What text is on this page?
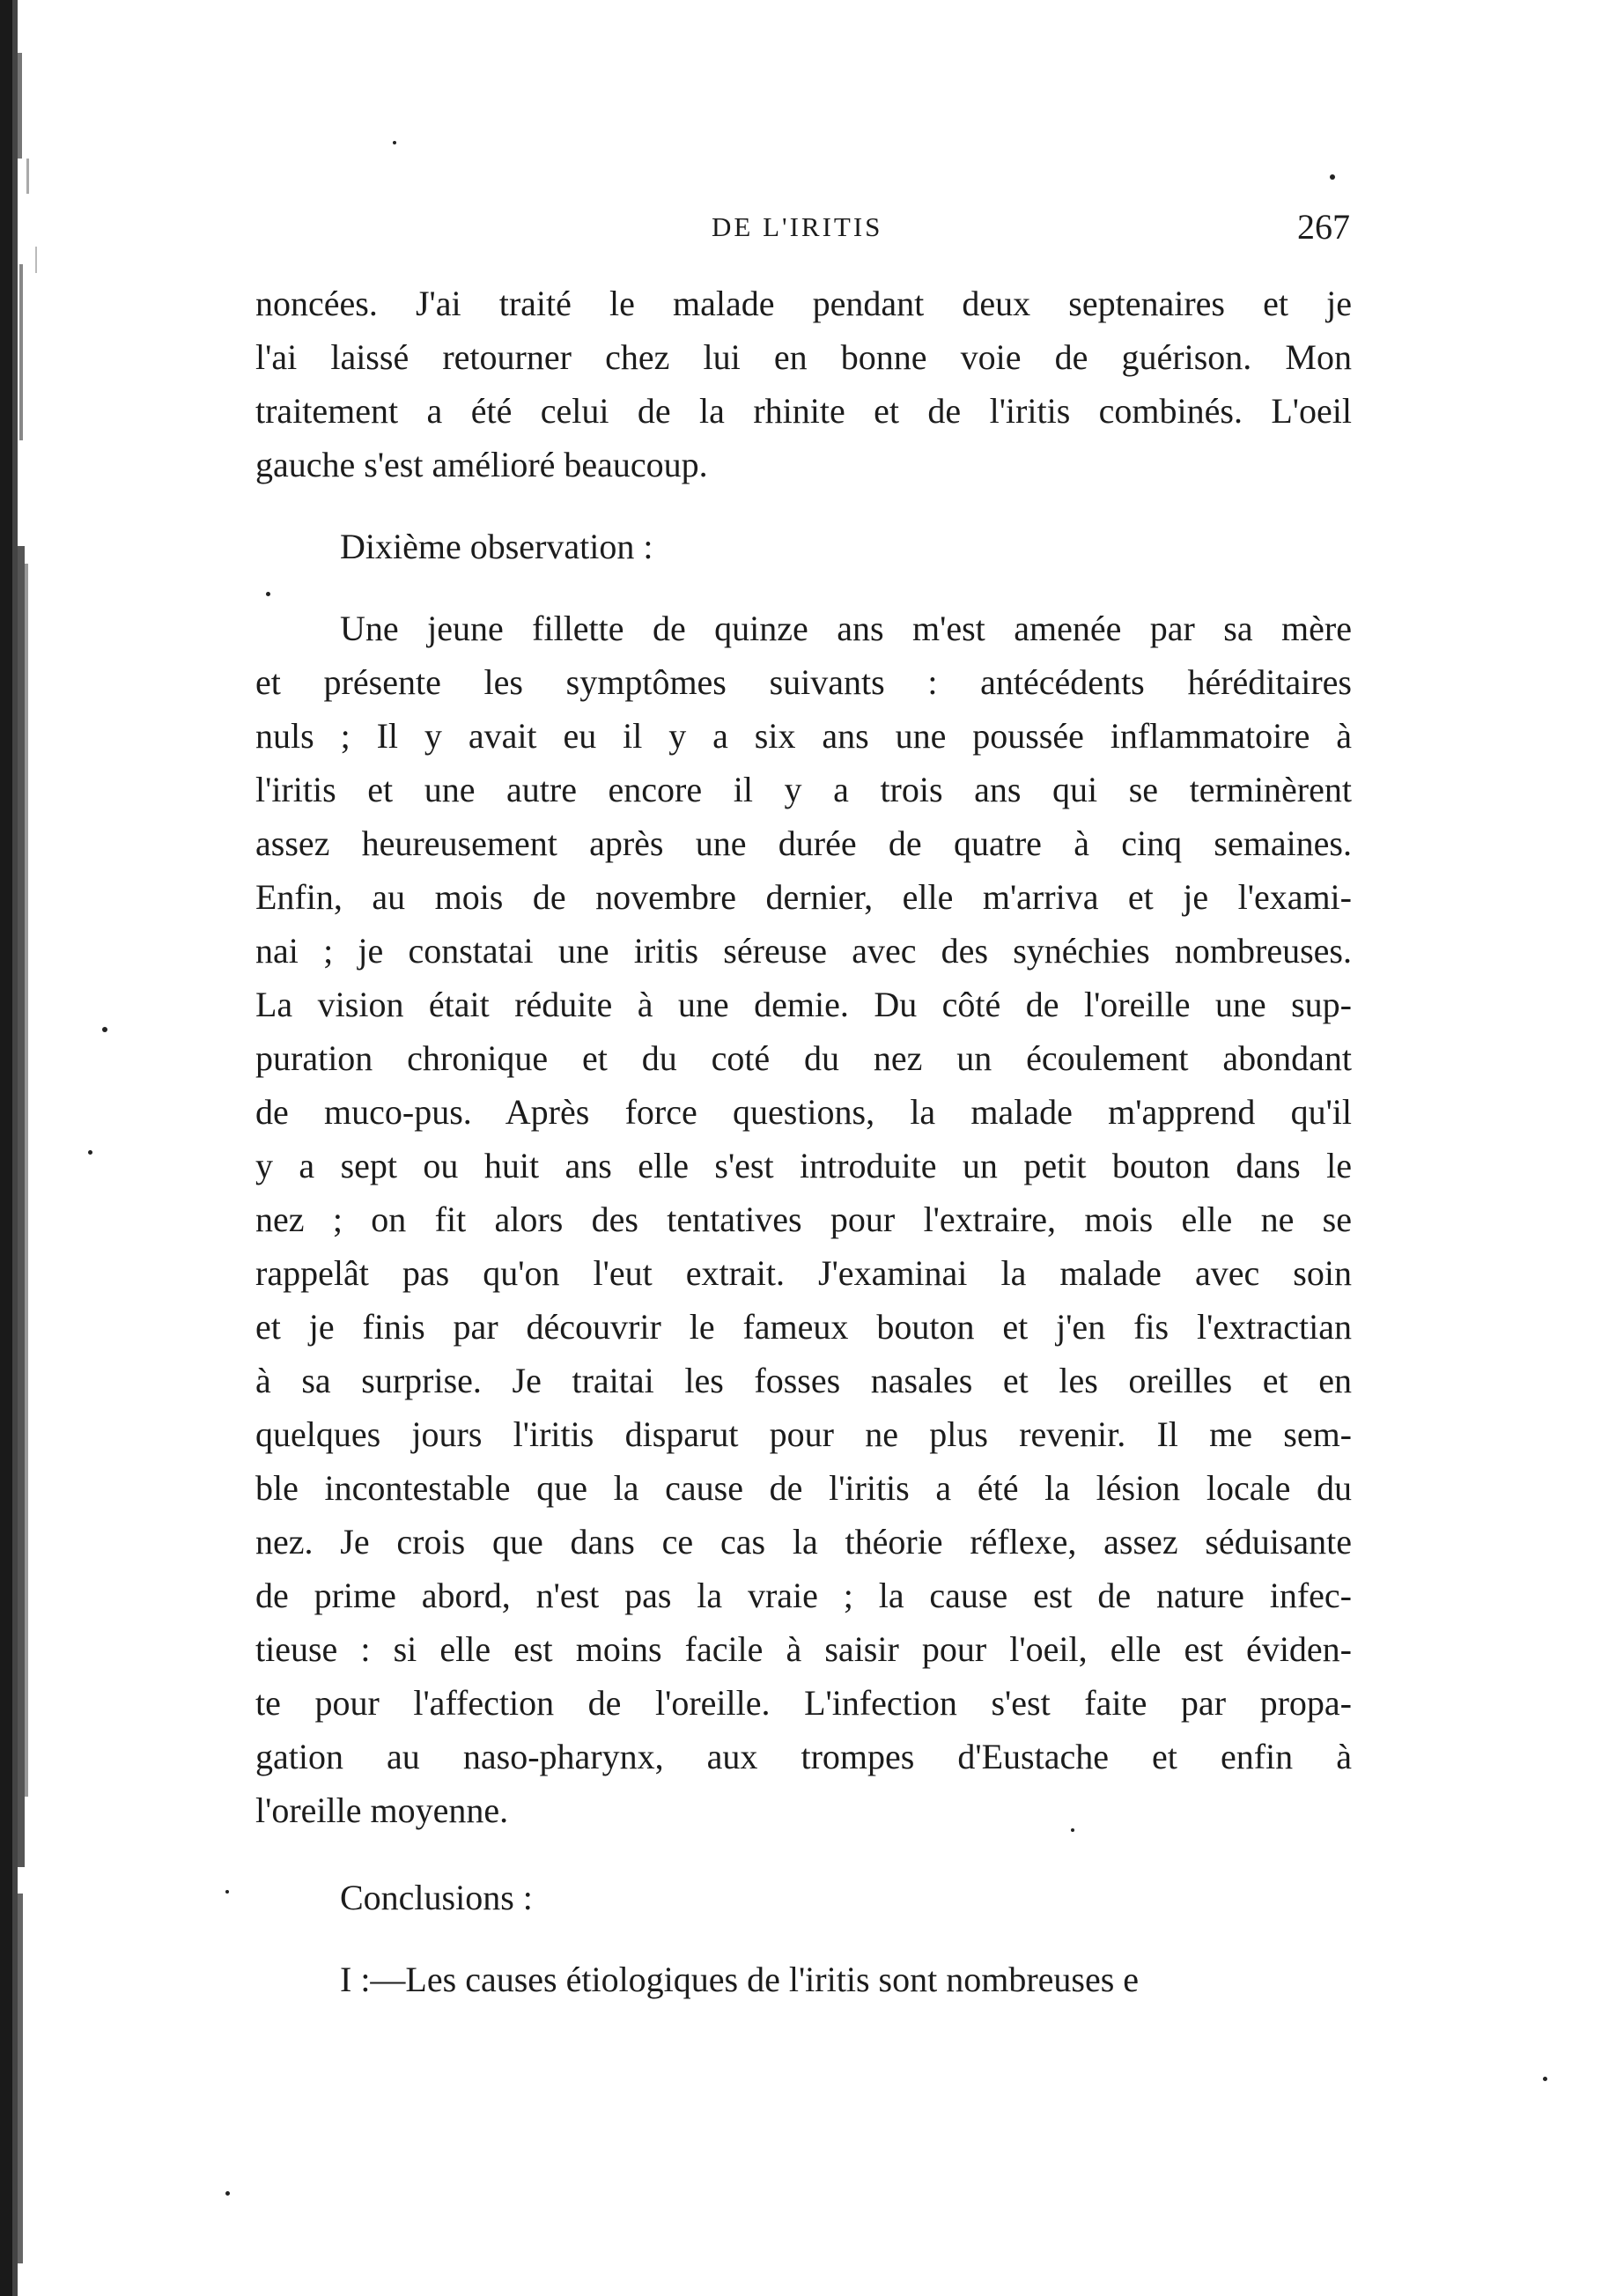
DE L'IRITIS	267
noncées. J'ai traité le malade pendant deux septenaires et je
l'ai laissé retourner chez lui en bonne voie de guérison. Mon
traitement a été celui de la rhinite et de l'iritis combinés. L'oeil
gauche s'est amélioré beaucoup.
Dixième observation :
Une jeune fillette de quinze ans m'est amenée par sa mère
et présente les symptômes suivants : antécédents héréditaires
nuls ; Il y avait eu il y a six ans une poussée inflammatoire à
l'iritis et une autre encore il y a trois ans qui se terminèrent
assez heureusement après une durée de quatre à cinq semaines.
Enfin, au mois de novembre dernier, elle m'arriva et je l'exami-
nai ; je constatai une iritis séreuse avec des synéchies nombreuses.
La vision était réduite à une demie. Du côté de l'oreille une sup-
puration chronique et du coté du nez un écoulement abondant
de muco-pus. Après force questions, la malade m'apprend qu'il
y a sept ou huit ans elle s'est introduite un petit bouton dans le
nez ; on fit alors des tentatives pour l'extraire, mois elle ne se
rappelât pas qu'on l'eut extrait. J'examinai la malade avec soin
et je finis par découvrir le fameux bouton et j'en fis l'extractian
à sa surprise. Je traitai les fosses nasales et les oreilles et en
quelques jours l'iritis disparut pour ne plus revenir. Il me sem-
ble incontestable que la cause de l'iritis a été la lésion locale du
nez. Je crois que dans ce cas la théorie réflexe, assez séduisante
de prime abord, n'est pas la vraie ; la cause est de nature infec-
tieuse : si elle est moins facile à saisir pour l'oeil, elle est éviden-
te pour l'affection de l'oreille. L'infection s'est faite par propa-
gation au naso-pharynx, aux trompes d'Eustache et enfin à
l'oreille moyenne.
Conclusions :
I :—Les causes étiologiques de l'iritis sont nombreuses e
